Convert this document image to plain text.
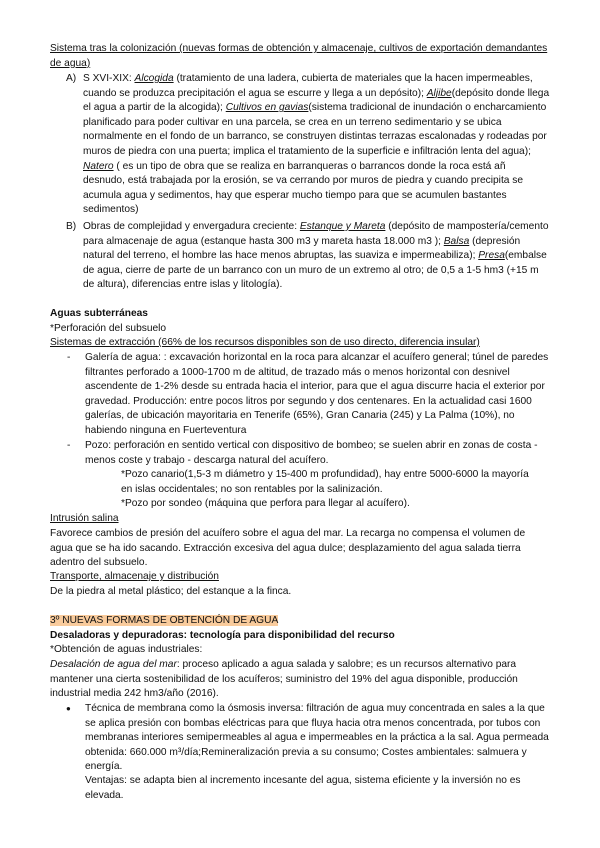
Sistema tras la colonización (nuevas formas de obtención y almacenaje, cultivos de exportación demandantes de agua)

A) S XVI-XIX: Alcogida (tratamiento de una ladera, cubierta de materiales que la hacen impermeables, cuando se produzca precipitación el agua se escurre y llega a un depósito); Aljibe(depósito donde llega el agua a partir de la alcogida); Cultivos en gavias(sistema tradicional de inundación o encharcamiento planificado para poder cultivar en una parcela, se crea en un terreno sedimentario y se ubica normalmente en el fondo de un barranco, se construyen distintas terrazas escalonadas y rodeadas por muros de piedra con una puerta; implica el tratamiento de la superficie e infiltración lenta del agua); Natero ( es un tipo de obra que se realiza en barranqueras o barrancos donde la roca está añ desnudo, está trabajada por la erosión, se va cerrando por muros de piedra y cuando precipita se acumula agua y sedimentos, hay que esperar mucho tiempo para que se acumulen bastantes sedimentos)

B) Obras de complejidad y envergadura creciente: Estanque y Mareta (depósito de mampostería/cemento para almacenaje de agua (estanque hasta 300 m3 y mareta hasta 18.000 m3 ); Balsa (depresión natural del terreno, el hombre las hace menos abruptas, las suaviza e impermeabiliza); Presa(embalse de agua, cierre de parte de un barranco con un muro de un extremo al otro; de 0,5 a 1-5 hm3 (+15 m de altura), diferencias entre islas y litología).

Aguas subterráneas

*Perforación del subsuelo

Sistemas de extracción (66% de los recursos disponibles son de uso directo, diferencia insular)

- Galería de agua: : excavación horizontal en la roca para alcanzar el acuífero general; túnel de paredes filtrantes perforado a 1000-1700 m de altitud, de trazado más o menos horizontal con desnivel ascendente de 1-2% desde su entrada hacia el interior, para que el agua discurre hacia el exterior por gravedad. Producción: entre pocos litros por segundo y dos centenares. En la actualidad casi 1600 galerías, de ubicación mayoritaria en Tenerife (65%), Gran Canaria (245) y La Palma (10%), no habiendo ninguna en Fuerteventura

- Pozo: perforación en sentido vertical con dispositivo de bombeo; se suelen abrir en zonas de costa - menos coste y trabajo - descarga natural del acuífero.

*Pozo canario(1,5-3 m diámetro y 15-400 m profundidad), hay entre 5000-6000 la mayoría en islas occidentales; no son rentables por la salinización.

*Pozo por sondeo (máquina que perfora para llegar al acuífero).

Intrusión salina

Favorece cambios de presión del acuífero sobre el agua del mar. La recarga no compensa el volumen de agua que se ha ido sacando. Extracción excesiva del agua dulce; desplazamiento del agua salada tierra adentro del subsuelo.

Transporte, almacenaje y distribución

De la piedra al metal plástico; del estanque a la finca.

3º NUEVAS FORMAS DE OBTENCIÓN DE AGUA

Desaladoras y depuradoras: tecnología para disponibilidad del recurso

*Obtención de aguas industriales:

Desalación de agua del mar: proceso aplicado a agua salada y salobre; es un recursos alternativo para mantener una cierta sostenibilidad de los acuíferos; suministro del 19% del agua disponible, producción industrial media 242 hm3/año (2016).

● Técnica de membrana como la ósmosis inversa: filtración de agua muy concentrada en sales a la que se aplica presión con bombas eléctricas para que fluya hacia otra menos concentrada, por tubos con membranas interiores semipermeables al agua e impermeables en la práctica a la sal. Agua permeada obtenida: 660.000 m³/día;Remineralización previa a su consumo; Costes ambientales: salmuera y energía.

Ventajas: se adapta bien al incremento incesante del agua, sistema eficiente y la inversión no es elevada.
